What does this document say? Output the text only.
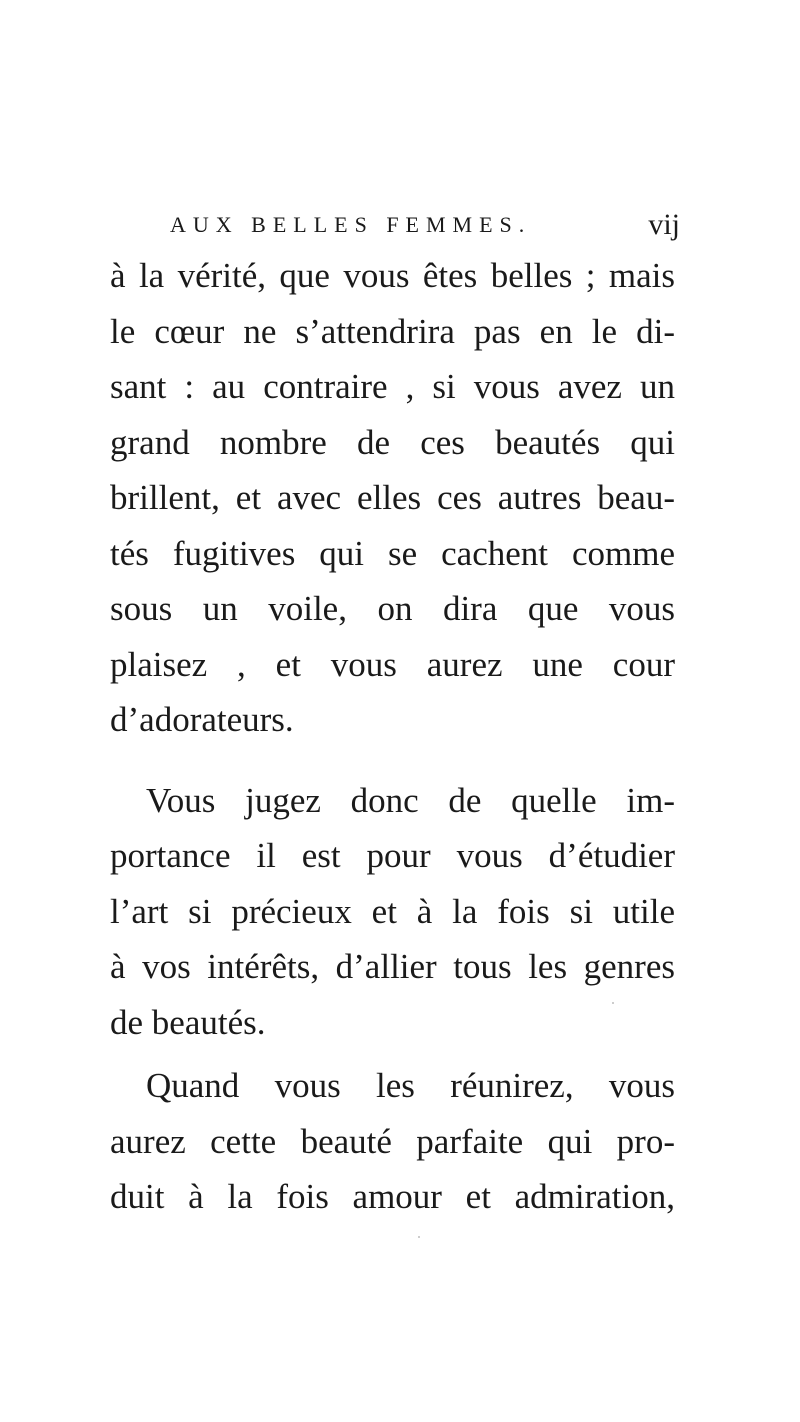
AUX BELLES FEMMES.	vij
à la vérité, que vous êtes belles ; mais
le cœur ne s’attendrira pas en le di-
sant : au contraire , si vous avez un
grand nombre de ces beautés qui
brillent, et avec elles ces autres beau-
tés fugitives qui se cachent comme
sous un voile, on dira que vous
plaisez , et vous aurez une cour
d’adorateurs.
Vous jugez donc de quelle im-
portance il est pour vous d’étudier
l’art si précieux et à la fois si utile
à vos intérêts, d’allier tous les genres
de beautés.
Quand vous les réunirez, vous
aurez cette beauté parfaite qui pro-
duit à la fois amour et admiration,
